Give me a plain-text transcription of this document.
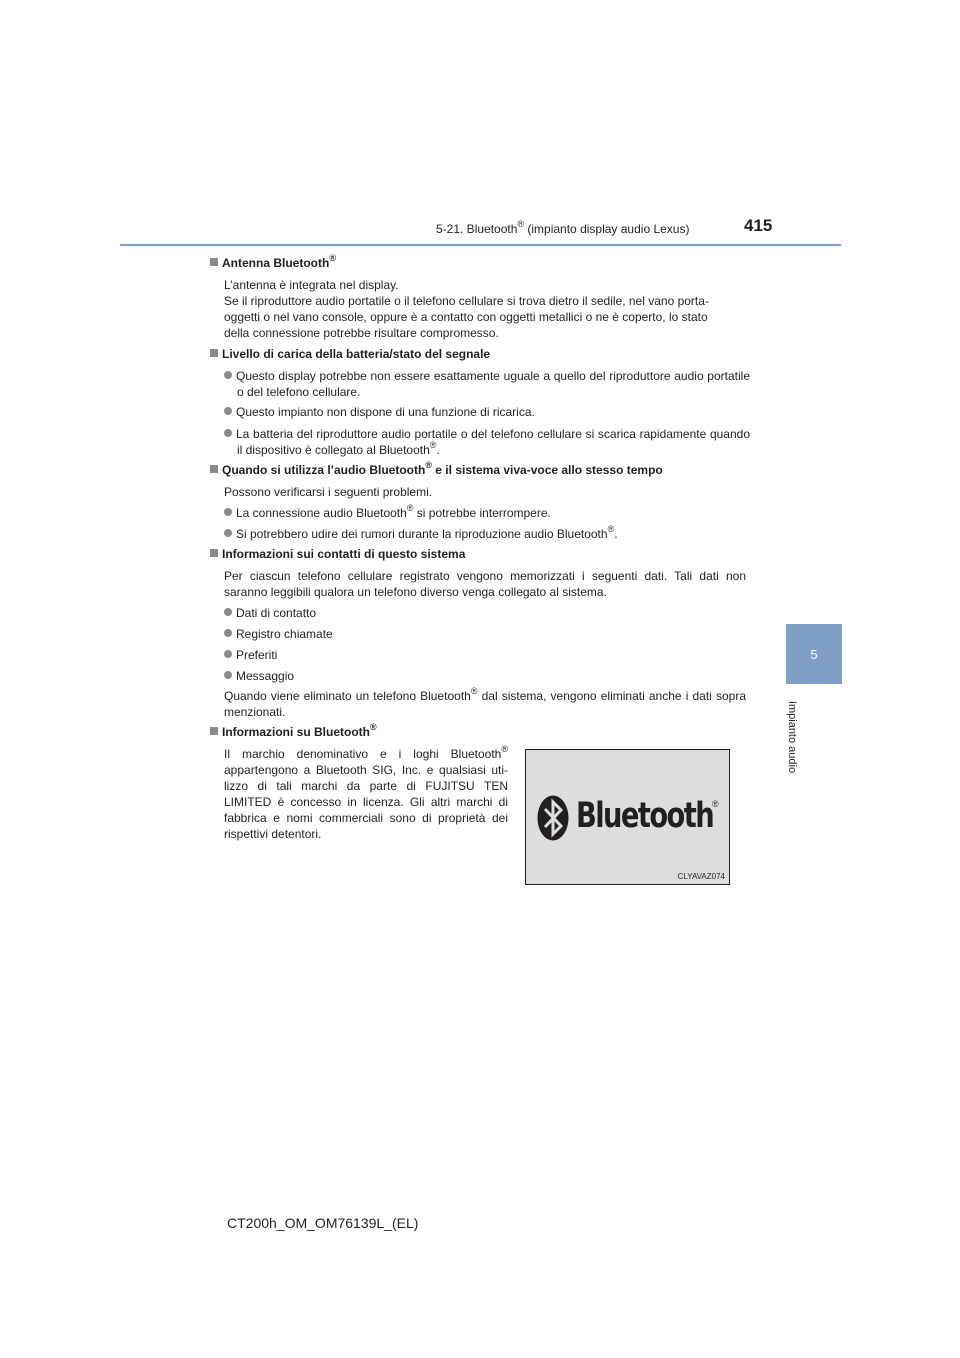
5-21. Bluetooth® (impianto display audio Lexus)	415
5
Impianto audio
Antenna Bluetooth®
L’antenna è integrata nel display.
Se il riproduttore audio portatile o il telefono cellulare si trova dietro il sedile, nel vano porta-
oggetti o nel vano console, oppure è a contatto con oggetti metallici o ne è coperto, lo stato
della connessione potrebbe risultare compromesso.
Livello di carica della batteria/stato del segnale
Questo display potrebbe non essere esattamente uguale a quello del riproduttore audio portatile o del telefono cellulare.
Questo impianto non dispone di una funzione di ricarica.
La batteria del riproduttore audio portatile o del telefono cellulare si scarica rapidamente quando il dispositivo è collegato al Bluetooth®.
Quando si utilizza l’audio Bluetooth® e il sistema viva-voce allo stesso tempo
Possono verificarsi i seguenti problemi.
La connessione audio Bluetooth® si potrebbe interrompere.
Si potrebbero udire dei rumori durante la riproduzione audio Bluetooth®.
Informazioni sui contatti di questo sistema
Per ciascun telefono cellulare registrato vengono memorizzati i seguenti dati. Tali dati non saranno leggibili qualora un telefono diverso venga collegato al sistema.
Dati di contatto
Registro chiamate
Preferiti
Messaggio
Quando viene eliminato un telefono Bluetooth® dal sistema, vengono eliminati anche i dati sopra menzionati.
Informazioni su Bluetooth®
Il marchio denominativo e i loghi Bluetooth® appartengono a Bluetooth SIG, Inc. e qualsiasi uti-lizzo di tali marchi da parte di FUJITSU TEN LIMITED è concesso in licenza. Gli altri marchi di fabbrica e nomi commerciali sono di proprietà dei rispettivi detentori.	Bluetooth
®
CLYAVAZ074
CT200h_OM_OM76139L_(EL)
